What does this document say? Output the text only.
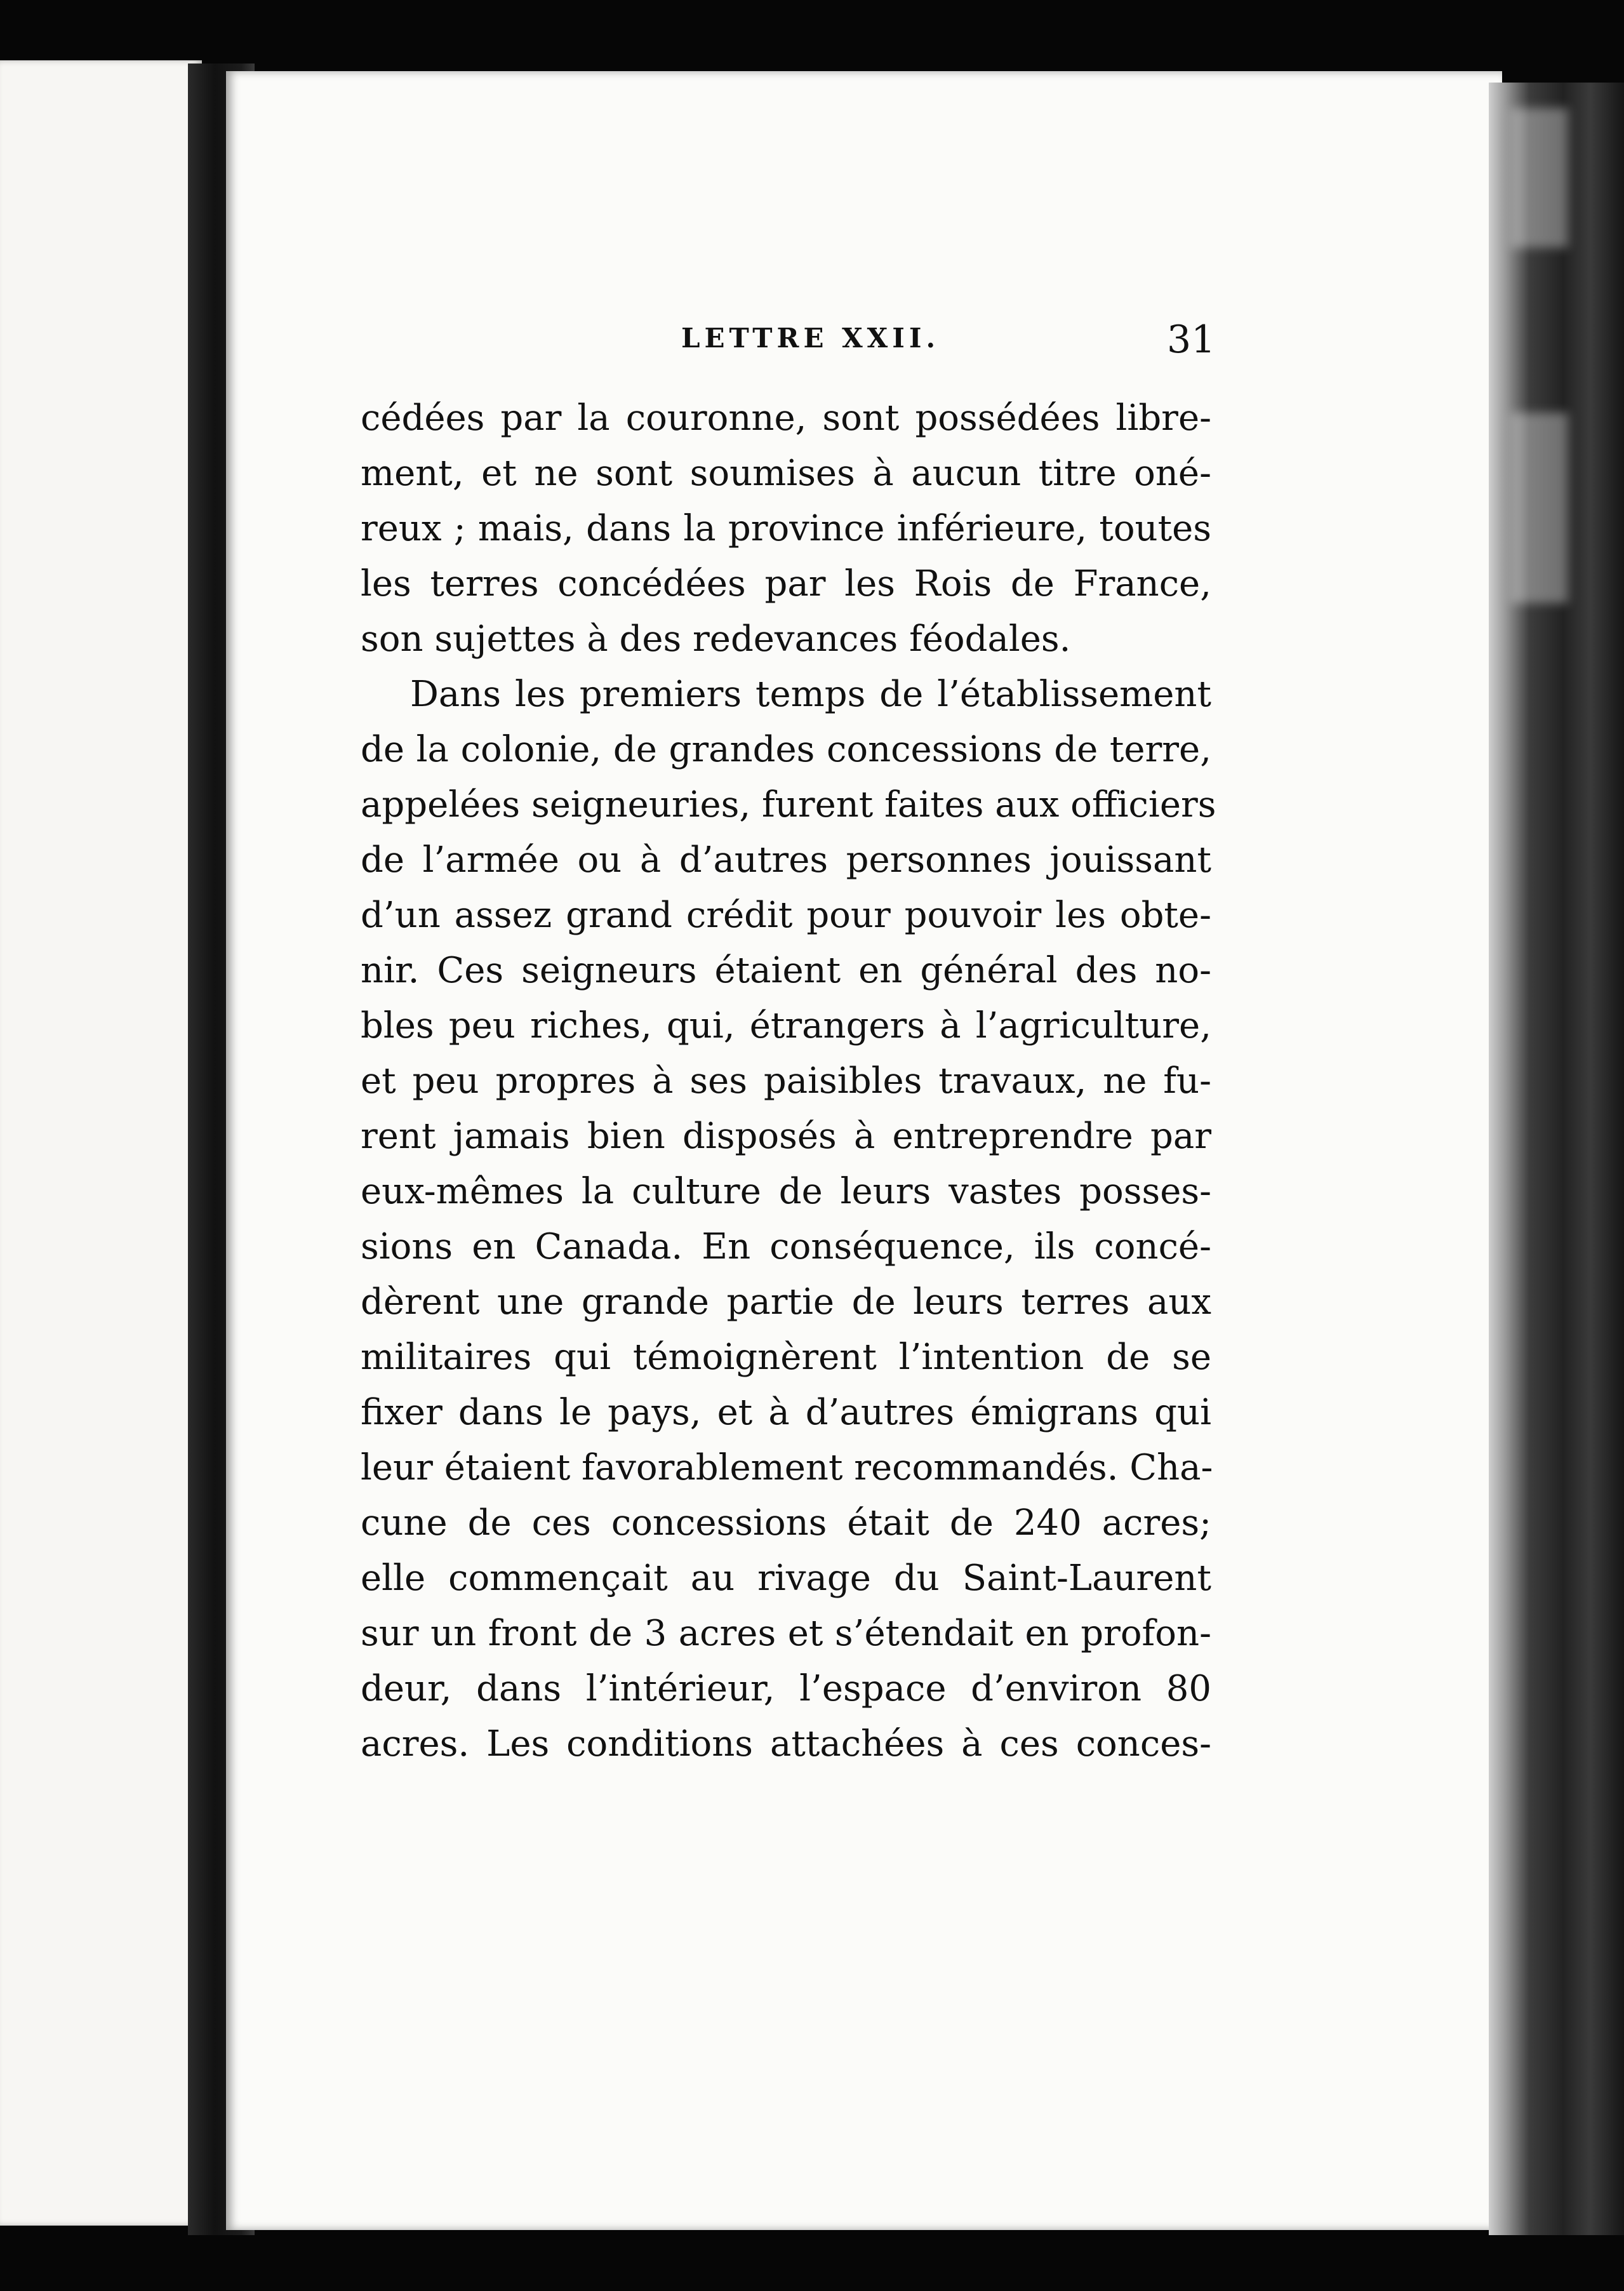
LETTRE XXII.	31
cédées par la couronne, sont possédées libre-
ment, et ne sont soumises à aucun titre oné-
reux ; mais, dans la province inférieure, toutes
les terres concédées par les Rois de France,
son sujettes à des redevances féodales.
Dans les premiers temps de l’établissement
de la colonie, de grandes concessions de terre,
appelées seigneuries, furent faites aux officiers
de l’armée ou à d’autres personnes jouissant
d’un assez grand crédit pour pouvoir les obte-
nir. Ces seigneurs étaient en général des no-
bles peu riches, qui, étrangers à l’agriculture,
et peu propres à ses paisibles travaux, ne fu-
rent jamais bien disposés à entreprendre par
eux-mêmes la culture de leurs vastes posses-
sions en Canada. En conséquence, ils concé-
dèrent une grande partie de leurs terres aux
militaires qui témoignèrent l’intention de se
fixer dans le pays, et à d’autres émigrans qui
leur étaient favorablement recommandés. Cha-
cune de ces concessions était de 240 acres;
elle commençait au rivage du Saint-Laurent
sur un front de 3 acres et s’étendait en profon-
deur, dans l’intérieur, l’espace d’environ 80
acres. Les conditions attachées à ces conces-
